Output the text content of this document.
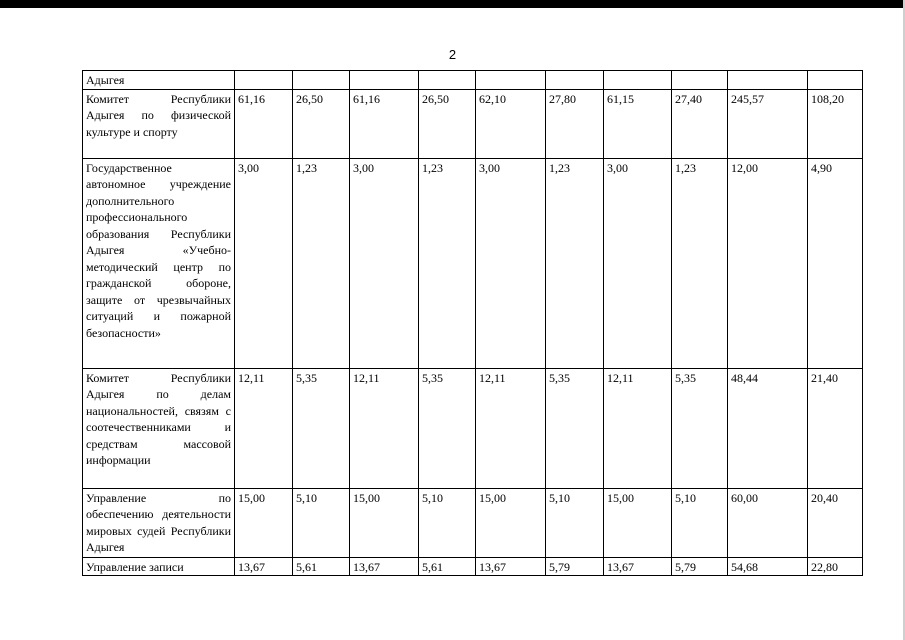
2
Адыгея										
Комитет Республики Адыгея по физической культуре и спорту	61,16	26,50	61,16	26,50	62,10	27,80	61,15	27,40	245,57	108,20
Государственное автономное учреждение дополнительного профессионального образования Республики Адыгея «Учебно-методический центр по гражданской обороне, защите от чрезвычайных ситуаций и пожарной безопасности»	3,00	1,23	3,00	1,23	3,00	1,23	3,00	1,23	12,00	4,90
Комитет Республики Адыгея по делам национальностей, связям с соотечественниками и средствам массовой информации	12,11	5,35	12,11	5,35	12,11	5,35	12,11	5,35	48,44	21,40
Управление по обеспечению деятельности мировых судей Республики Адыгея	15,00	5,10	15,00	5,10	15,00	5,10	15,00	5,10	60,00	20,40
Управление записи	13,67	5,61	13,67	5,61	13,67	5,79	13,67	5,79	54,68	22,80
